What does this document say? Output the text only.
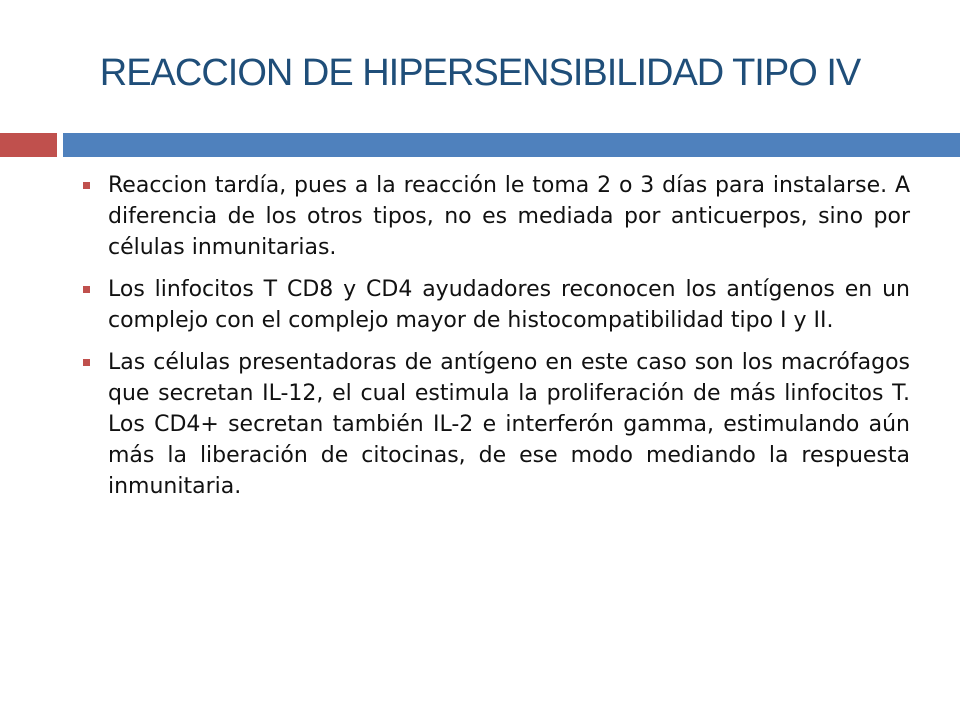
REACCION DE HIPERSENSIBILIDAD TIPO IV
Reaccion tardía, pues a la reacción le toma 2 o 3 días para instalarse. A diferencia de los otros tipos, no es mediada por anticuerpos, sino por células inmunitarias.
Los linfocitos T CD8 y CD4 ayudadores reconocen los antígenos en un complejo con el complejo mayor de histocompatibilidad tipo I y II.
Las células presentadoras de antígeno en este caso son los macrófagos que secretan IL-12, el cual estimula la proliferación de más linfocitos T. Los CD4+ secretan también IL-2 e interferón gamma, estimulando aún más la liberación de citocinas, de ese modo mediando la respuesta inmunitaria.
